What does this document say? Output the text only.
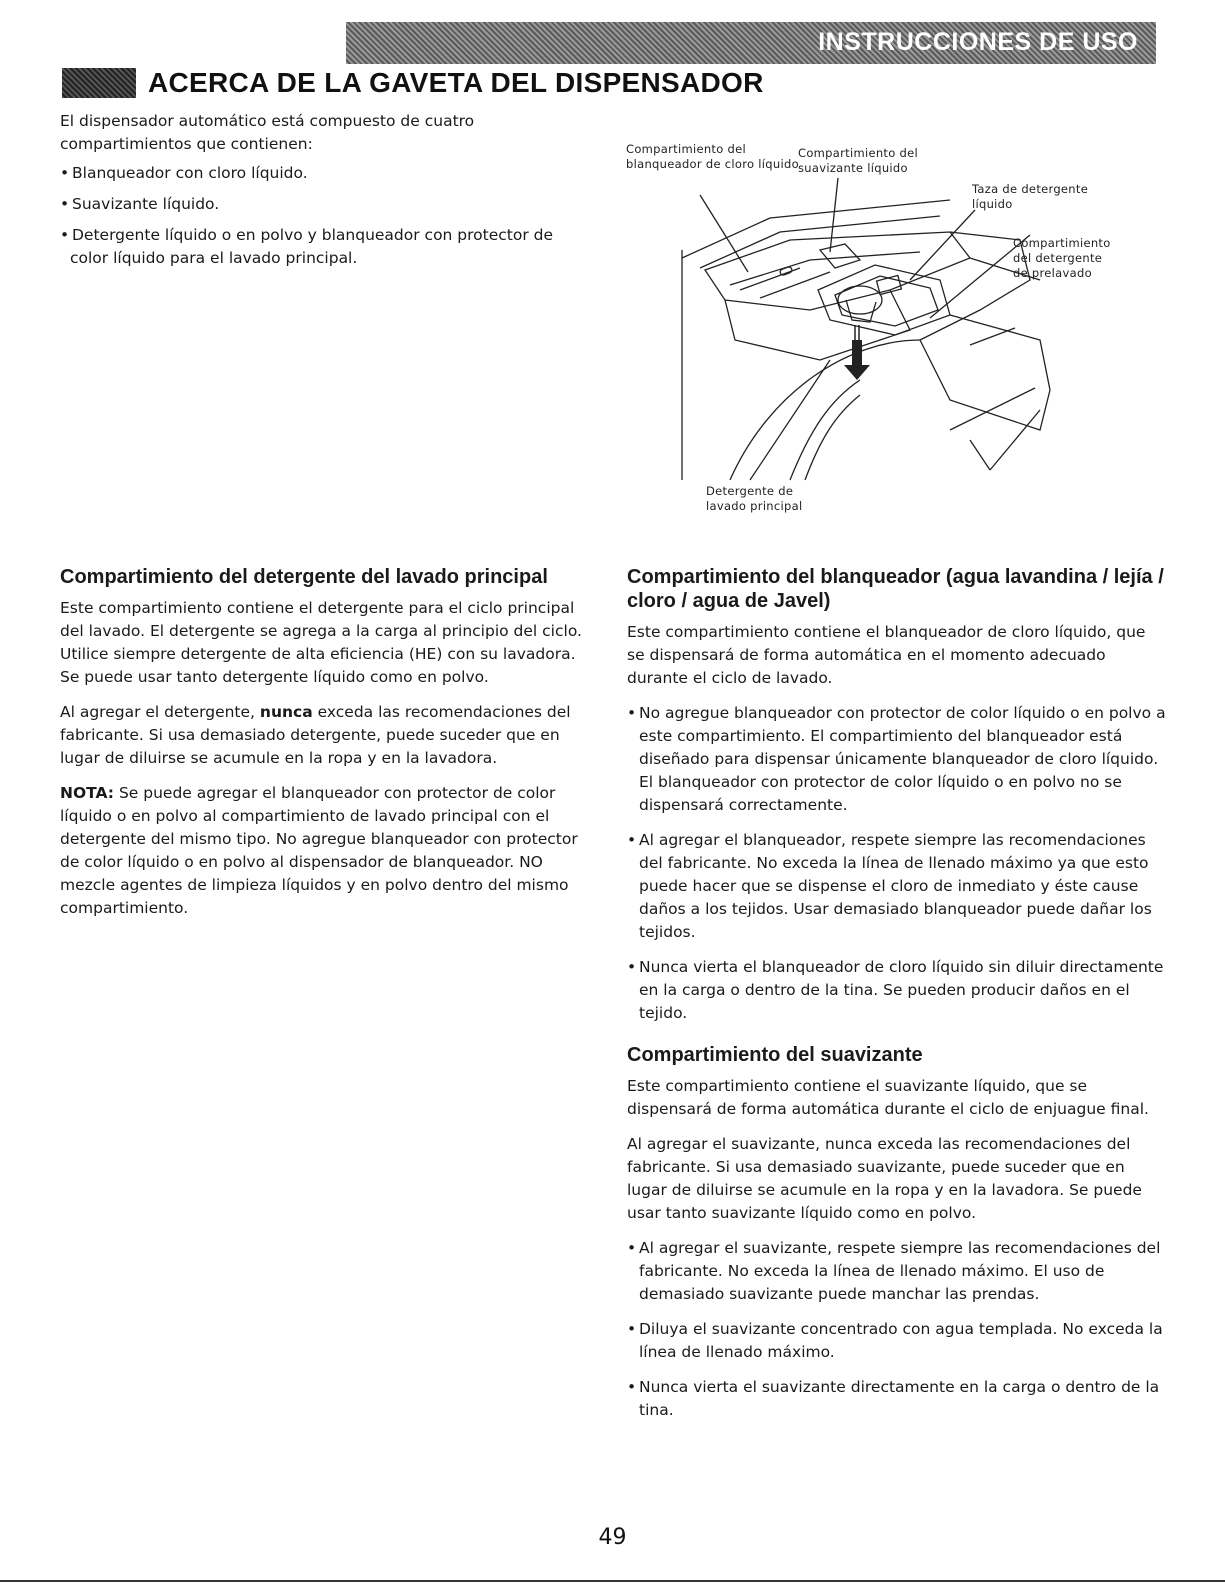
INSTRUCCIONES DE USO
ACERCA DE LA GAVETA DEL DISPENSADOR
El dispensador automático está compuesto de cuatro compartimientos que contienen:
• Blanqueador con cloro líquido.
• Suavizante líquido.
• Detergente líquido o en polvo y blanqueador con protector de color líquido para el lavado principal.
Compartimiento del blanqueador de cloro líquido
Compartimiento del suavizante líquido
Taza de detergente líquido
Compartimiento del detergente de prelavado
Detergente de lavado principal
Compartimiento del detergente del lavado principal

Este compartimiento contiene el detergente para el ciclo principal del lavado. El detergente se agrega a la carga al principio del ciclo. Utilice siempre detergente de alta eficiencia (HE) con su lavadora. Se puede usar tanto detergente líquido como en polvo.

Al agregar el detergente, nunca exceda las recomendaciones del fabricante. Si usa demasiado detergente, puede suceder que en lugar de diluirse se acumule en la ropa y en la lavadora.

NOTA: Se puede agregar el blanqueador con protector de color líquido o en polvo al compartimiento de lavado principal con el detergente del mismo tipo. No agregue blanqueador con protector de color líquido o en polvo al dispensador de blanqueador. NO mezcle agentes de limpieza líquidos y en polvo dentro del mismo compartimiento.

Compartimiento del blanqueador (agua lavandina / lejía / cloro / agua de Javel)

Este compartimiento contiene el blanqueador de cloro líquido, que se dispensará de forma automática en el momento adecuado durante el ciclo de lavado.

• No agregue blanqueador con protector de color líquido o en polvo a este compartimiento. El compartimiento del blanqueador está diseñado para dispensar únicamente blanqueador de cloro líquido. El blanqueador con protector de color líquido o en polvo no se dispensará correctamente.
• Al agregar el blanqueador, respete siempre las recomendaciones del fabricante. No exceda la línea de llenado máximo ya que esto puede hacer que se dispense el cloro de inmediato y éste cause daños a los tejidos. Usar demasiado blanqueador puede dañar los tejidos.
• Nunca vierta el blanqueador de cloro líquido sin diluir directamente en la carga o dentro de la tina. Se pueden producir daños en el tejido.
Compartimiento del suavizante

Este compartimiento contiene el suavizante líquido, que se dispensará de forma automática durante el ciclo de enjuague final.

Al agregar el suavizante, nunca exceda las recomendaciones del fabricante. Si usa demasiado suavizante, puede suceder que en lugar de diluirse se acumule en la ropa y en la lavadora. Se puede usar tanto suavizante líquido como en polvo.

• Al agregar el suavizante, respete siempre las recomendaciones del fabricante. No exceda la línea de llenado máximo. El uso de demasiado suavizante puede manchar las prendas.
• Diluya el suavizante concentrado con agua templada. No exceda la línea de llenado máximo.
• Nunca vierta el suavizante directamente en la carga o dentro de la tina.
49
